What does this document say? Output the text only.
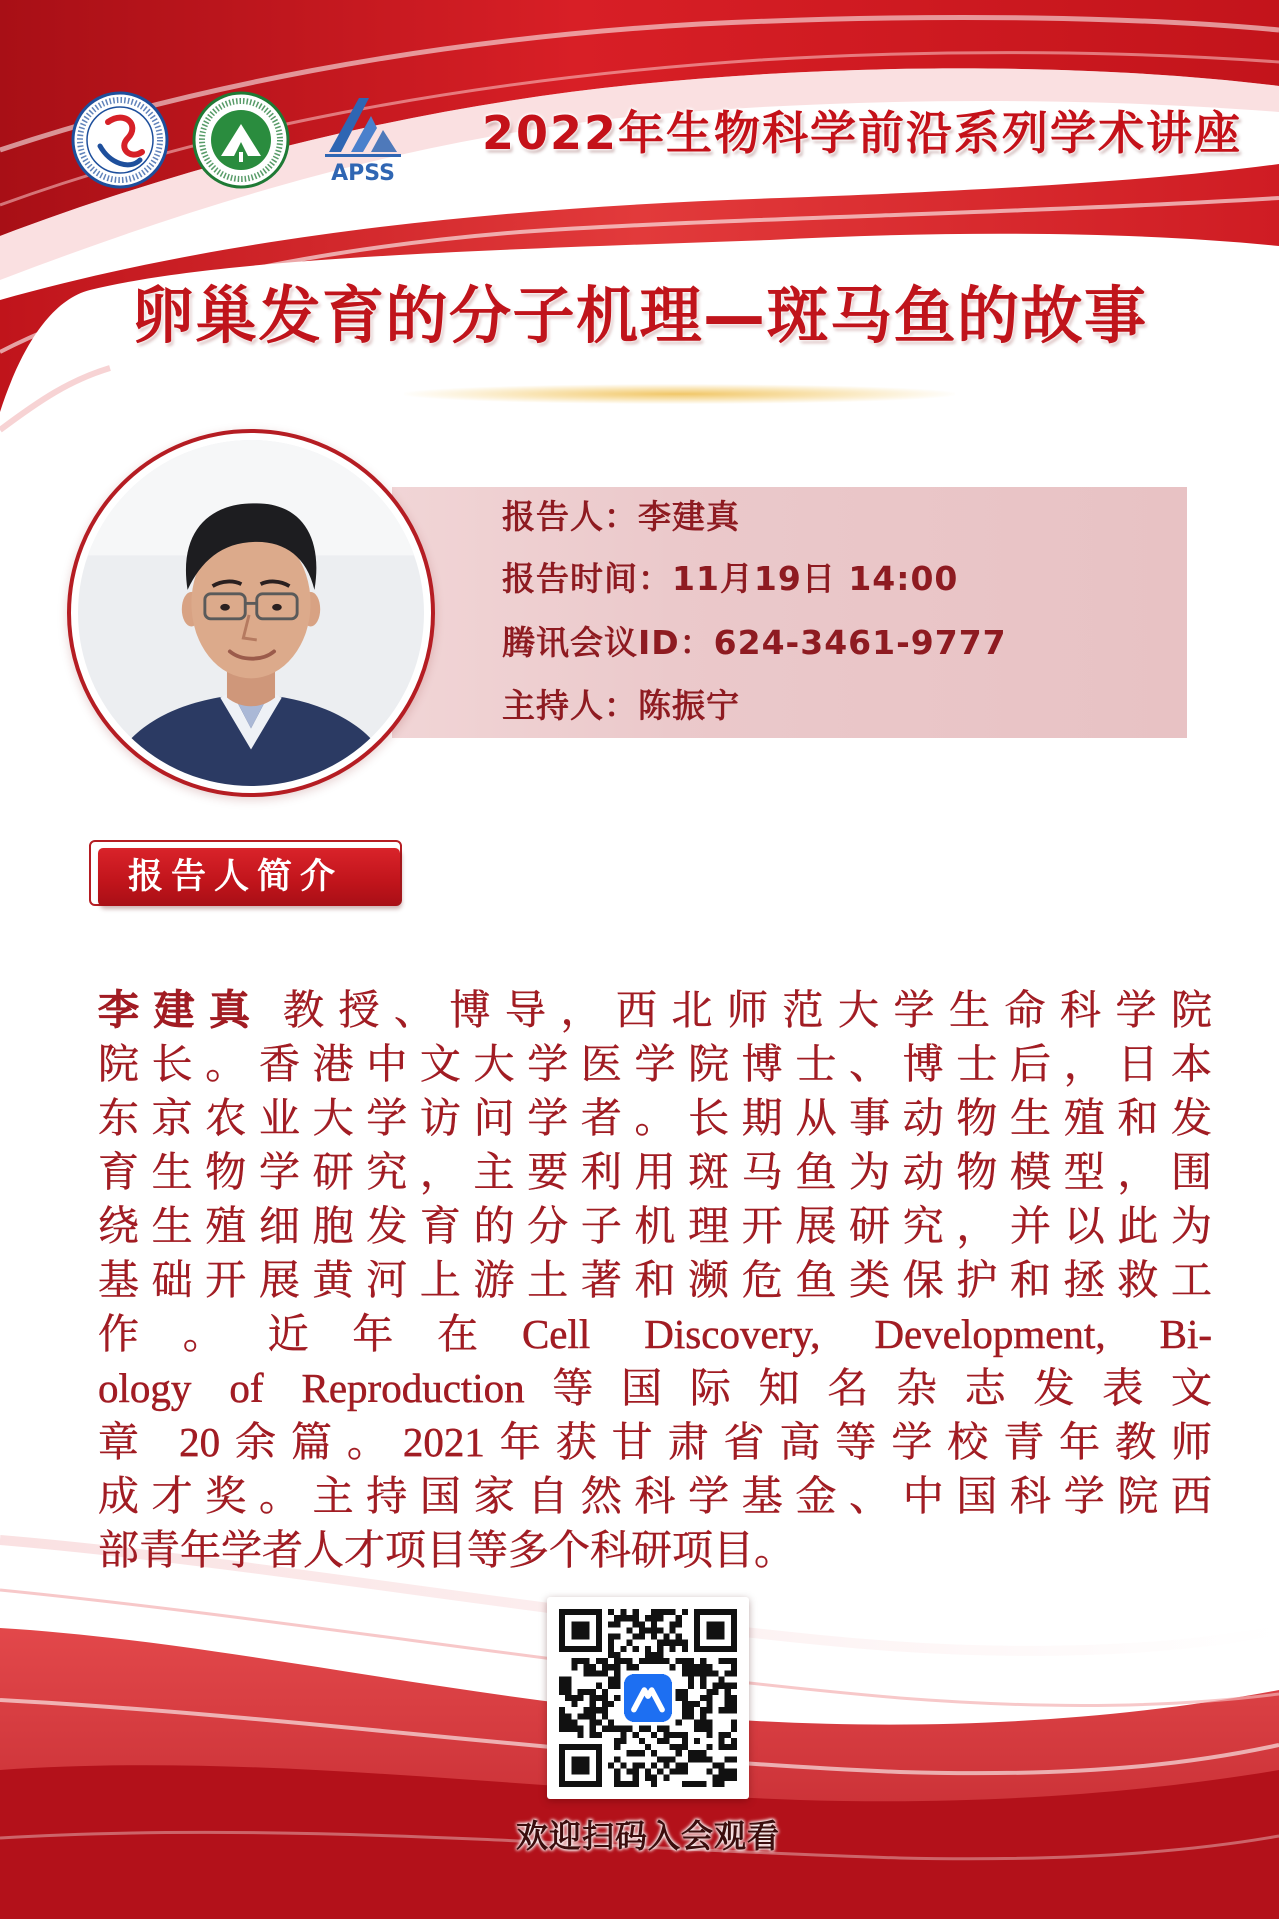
APSS
2022年生物科学前沿系列学术讲座
卵巢发育的分子机理—斑马鱼的故事
报告人：李建真
报告时间：11月19日 14:00
腾讯会议ID：624-3461-9777
主持人：陈振宁
报告人简介
李建真 教授、博导，西北师范大学生命科学院
院长。香港中文大学医学院博士、博士后，日本
东京农业大学访问学者。长期从事动物生殖和发
育生物学研究，主要利用斑马鱼为动物模型，围
绕生殖细胞发育的分子机理开展研究，并以此为
基础开展黄河上游土著和濒危鱼类保护和拯救工
作。近年在Cell Discovery, Development, Bi-
ology of Reproduction等国际知名杂志发表文
章 20余篇。2021年获甘肃省高等学校青年教师
成才奖。主持国家自然科学基金、中国科学院西
部青年学者人才项目等多个科研项目。
欢迎扫码入会观看
